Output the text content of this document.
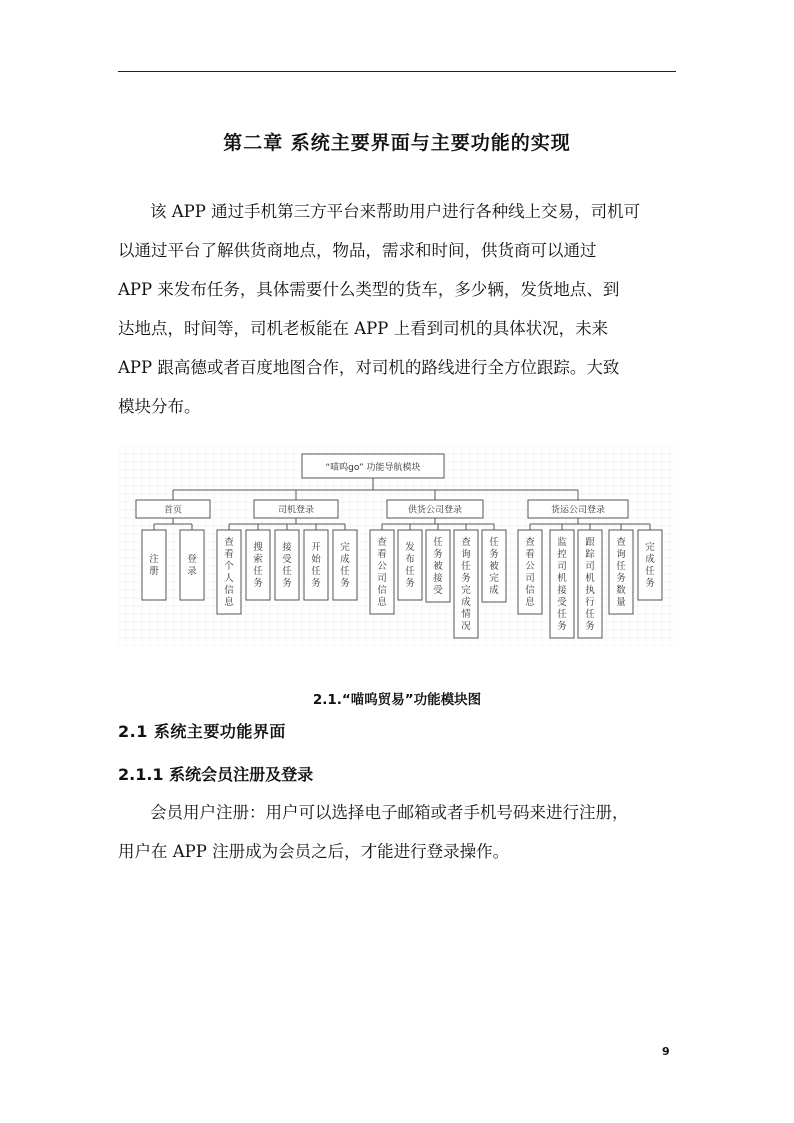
第二章 系统主要界面与主要功能的实现

该 APP 通过手机第三方平台来帮助用户进行各种线上交易，司机可
以通过平台了解供货商地点，物品，需求和时间，供货商可以通过
APP 来发布任务，具体需要什么类型的货车，多少辆，发货地点、到
达地点，时间等，司机老板能在 APP 上看到司机的具体状况，未来
APP 跟高德或者百度地图合作，对司机的路线进行全方位跟踪。大致
模块分布。

“喵呜go” 功能导航模块
首页
注册
登录
司机登录
查看个人信息
搜索任务
接受任务
开始任务
完成任务
供货公司登录
查看公司信息
发布任务
任务被接受
查询任务完成情况
任务被完成
货运公司登录
查看公司信息
监控司机接受任务
跟踪司机执行任务
查询任务数量
完成任务
2.1.“喵呜贸易”功能模块图
2.1 系统主要功能界面
2.1.1 系统会员注册及登录

会员用户注册：用户可以选择电子邮箱或者手机号码来进行注册，
用户在 APP 注册成为会员之后，才能进行登录操作。

9
